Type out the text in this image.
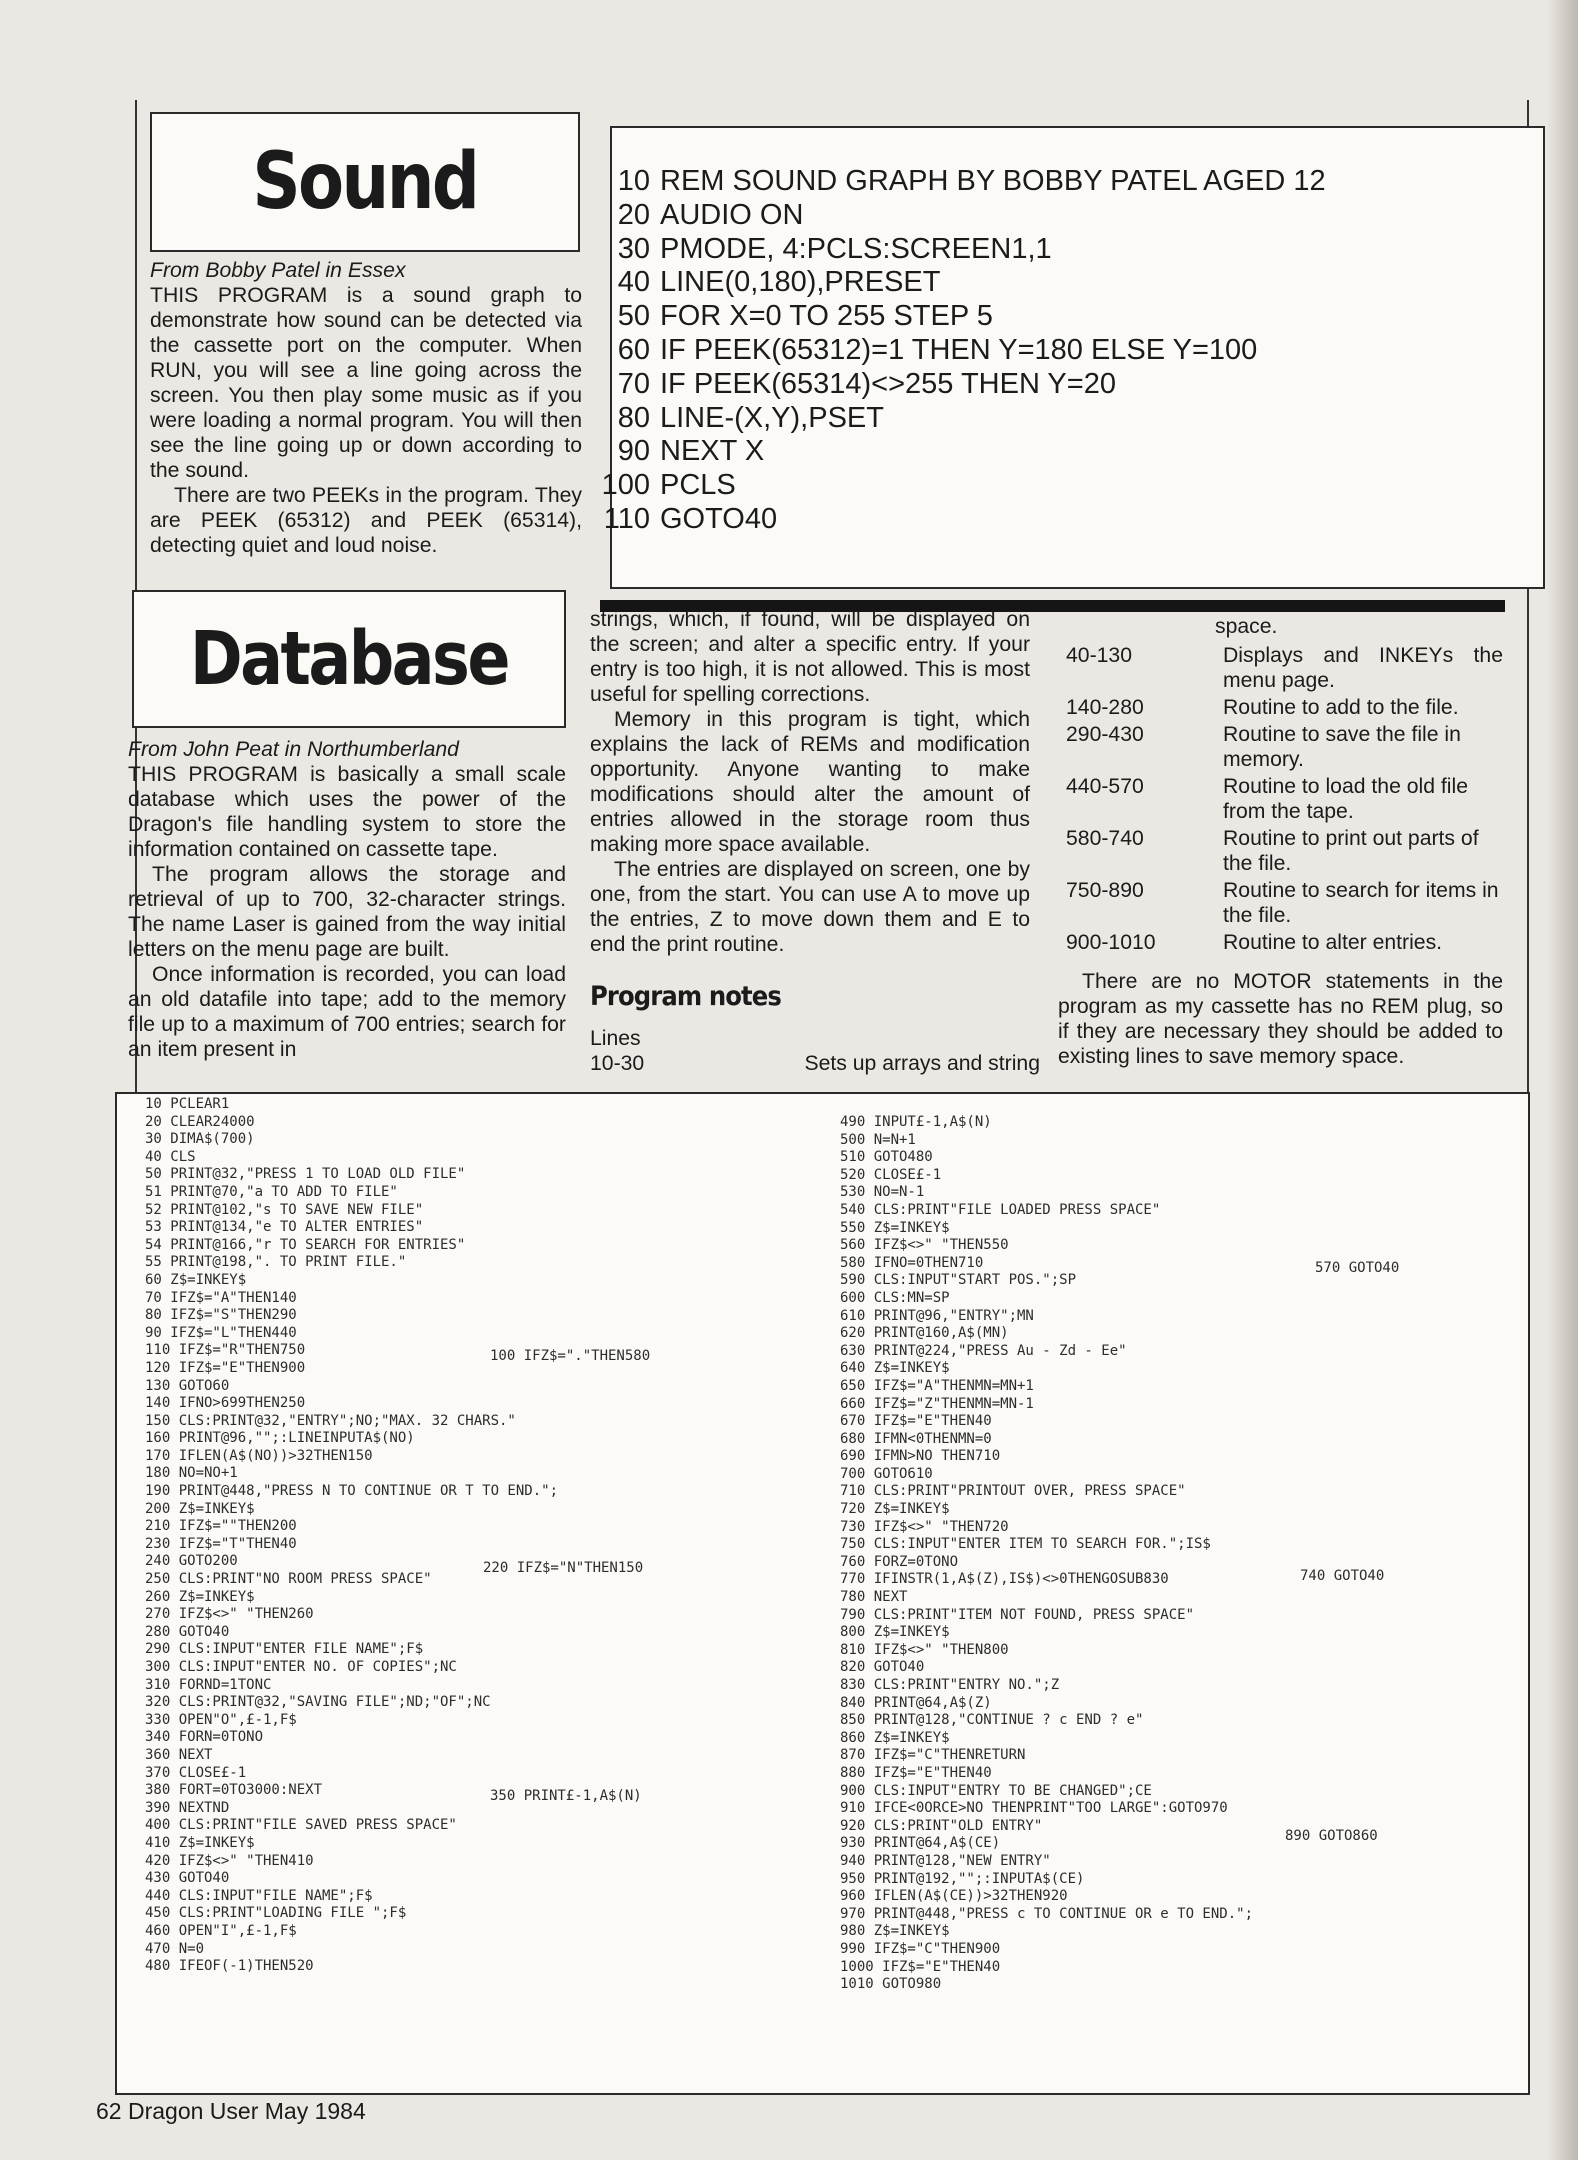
Sound

From Bobby Patel in Essex

THIS PROGRAM is a sound graph to demonstrate how sound can be detected via the cassette port on the computer. When RUN, you will see a line going across the screen. You then play some music as if you were loading a normal program. You will then see the line going up or down according to the sound.

There are two PEEKs in the program. They are PEEK (65312) and PEEK (65314), detecting quiet and loud noise.

10 REM SOUND GRAPH BY BOBBY PATEL AGED 12
20 AUDIO ON
30 PMODE, 4:PCLS:SCREEN1,1
40 LINE(0,180),PRESET
50 FOR X=0 TO 255 STEP 5
60 IF PEEK(65312)=1 THEN Y=180 ELSE Y=100
70 IF PEEK(65314)<>255 THEN Y=20
80 LINE-(X,Y),PSET
90 NEXT X
100 PCLS
110 GOTO40
Database

From John Peat in Northumberland

THIS PROGRAM is basically a small scale database which uses the power of the Dragon's file handling system to store the information contained on cassette tape.

The program allows the storage and retrieval of up to 700, 32-character strings. The name Laser is gained from the way initial letters on the menu page are built.

Once information is recorded, you can load an old datafile into tape; add to the memory file up to a maximum of 700 entries; search for an item present in

strings, which, if found, will be displayed on the screen; and alter a specific entry. If your entry is too high, it is not allowed. This is most useful for spelling corrections.

Memory in this program is tight, which explains the lack of REMs and modification opportunity. Anyone wanting to make modifications should alter the amount of entries allowed in the storage room thus making more space available.

The entries are displayed on screen, one by one, from the start. You can use A to move up the entries, Z to move down them and E to end the print routine.

Program notes
Lines
10-30	Sets up arrays and string
space.
40-130	Displays and INKEYs the menu page.
140-280	Routine to add to the file.
290-430	Routine to save the file in memory.
440-570	Routine to load the old file from the tape.
580-740	Routine to print out parts of the file.
750-890	Routine to search for items in the file.
900-1010	Routine to alter entries.

There are no MOTOR statements in the program as my cassette has no REM plug, so if they are necessary they should be added to existing lines to save memory space.

10 PCLEAR1
20 CLEAR24000
30 DIMA$(700)
40 CLS
50 PRINT@32,"PRESS 1 TO LOAD OLD FILE"
51 PRINT@70,"a TO ADD TO FILE"
52 PRINT@102,"s TO SAVE NEW FILE"
53 PRINT@134,"e TO ALTER ENTRIES"
54 PRINT@166,"r TO SEARCH FOR ENTRIES"
55 PRINT@198,". TO PRINT FILE."
60 Z$=INKEY$
70 IFZ$="A"THEN140
80 IFZ$="S"THEN290
90 IFZ$="L"THEN440
110 IFZ$="R"THEN750
120 IFZ$="E"THEN900
130 GOTO60
140 IFNO>699THEN250
150 CLS:PRINT@32,"ENTRY";NO;"MAX. 32 CHARS."
160 PRINT@96,"";:LINEINPUTA$(NO)
170 IFLEN(A$(NO))>32THEN150
180 NO=NO+1
190 PRINT@448,"PRESS N TO CONTINUE OR T TO END.";
200 Z$=INKEY$
210 IFZ$=""THEN200
230 IFZ$="T"THEN40
240 GOTO200
250 CLS:PRINT"NO ROOM PRESS SPACE"
260 Z$=INKEY$
270 IFZ$<>" "THEN260
280 GOTO40
290 CLS:INPUT"ENTER FILE NAME";F$
300 CLS:INPUT"ENTER NO. OF COPIES";NC
310 FORND=1TONC
320 CLS:PRINT@32,"SAVING FILE";ND;"OF";NC
330 OPEN"O",£-1,F$
340 FORN=0TONO
360 NEXT
370 CLOSE£-1
380 FORT=0TO3000:NEXT
390 NEXTND
400 CLS:PRINT"FILE SAVED PRESS SPACE"
410 Z$=INKEY$
420 IFZ$<>" "THEN410
430 GOTO40
440 CLS:INPUT"FILE NAME";F$
450 CLS:PRINT"LOADING FILE ";F$
460 OPEN"I",£-1,F$
470 N=0
480 IFEOF(-1)THEN520
100 IFZ$="."THEN580
220 IFZ$="N"THEN150
350 PRINT£-1,A$(N)
490 INPUT£-1,A$(N)
500 N=N+1
510 GOTO480
520 CLOSE£-1
530 NO=N-1
540 CLS:PRINT"FILE LOADED PRESS SPACE"
550 Z$=INKEY$
560 IFZ$<>" "THEN550
580 IFNO=0THEN710
590 CLS:INPUT"START POS.";SP
600 CLS:MN=SP
610 PRINT@96,"ENTRY";MN
620 PRINT@160,A$(MN)
630 PRINT@224,"PRESS Au - Zd - Ee"
640 Z$=INKEY$
650 IFZ$="A"THENMN=MN+1
660 IFZ$="Z"THENMN=MN-1
670 IFZ$="E"THEN40
680 IFMN<0THENMN=0
690 IFMN>NO THEN710
700 GOTO610
710 CLS:PRINT"PRINTOUT OVER, PRESS SPACE"
720 Z$=INKEY$
730 IFZ$<>" "THEN720
750 CLS:INPUT"ENTER ITEM TO SEARCH FOR.";IS$
760 FORZ=0TONO
770 IFINSTR(1,A$(Z),IS$)<>0THENGOSUB830
780 NEXT
790 CLS:PRINT"ITEM NOT FOUND, PRESS SPACE"
800 Z$=INKEY$
810 IFZ$<>" "THEN800
820 GOTO40
830 CLS:PRINT"ENTRY NO.";Z
840 PRINT@64,A$(Z)
850 PRINT@128,"CONTINUE ? c END ? e"
860 Z$=INKEY$
870 IFZ$="C"THENRETURN
880 IFZ$="E"THEN40
900 CLS:INPUT"ENTRY TO BE CHANGED";CE
910 IFCE<0ORCE>NO THENPRINT"TOO LARGE":GOTO970
920 CLS:PRINT"OLD ENTRY"
930 PRINT@64,A$(CE)
940 PRINT@128,"NEW ENTRY"
950 PRINT@192,"";:INPUTA$(CE)
960 IFLEN(A$(CE))>32THEN920
970 PRINT@448,"PRESS c TO CONTINUE OR e TO END.";
980 Z$=INKEY$
990 IFZ$="C"THEN900
1000 IFZ$="E"THEN40
1010 GOTO980
570 GOTO40
740 GOTO40
890 GOTO860
62 Dragon User May 1984
